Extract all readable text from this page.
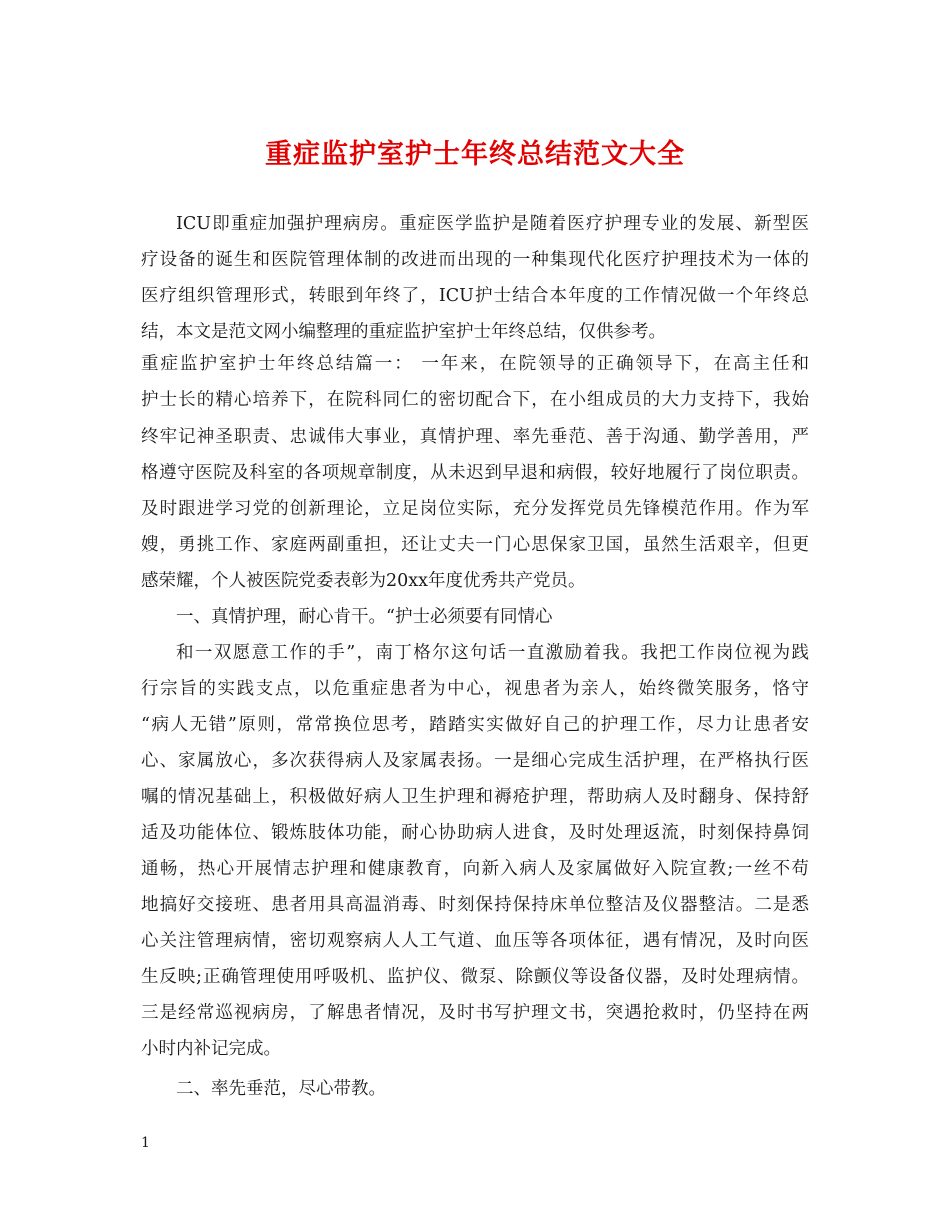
重症监护室护士年终总结范文大全

ICU即重症加强护理病房。重症医学监护是随着医疗护理专业的发展、新型医

疗设备的诞生和医院管理体制的改进而出现的一种集现代化医疗护理技术为一体的

医疗组织管理形式，转眼到年终了，ICU护士结合本年度的工作情况做一个年终总

结，本文是范文网小编整理的重症监护室护士年终总结，仅供参考。

重症监护室护士年终总结篇一： 一年来，在院领导的正确领导下，在高主任和

护士长的精心培养下，在院科同仁的密切配合下，在小组成员的大力支持下，我始

终牢记神圣职责、忠诚伟大事业，真情护理、率先垂范、善于沟通、勤学善用，严

格遵守医院及科室的各项规章制度，从未迟到早退和病假，较好地履行了岗位职责。

及时跟进学习党的创新理论，立足岗位实际，充分发挥党员先锋模范作用。作为军

嫂，勇挑工作、家庭两副重担，还让丈夫一门心思保家卫国，虽然生活艰辛，但更

感荣耀，个人被医院党委表彰为20xx年度优秀共产党员。

一、真情护理，耐心肯干。“护士必须要有同情心

和一双愿意工作的手”，南丁格尔这句话一直激励着我。我把工作岗位视为践

行宗旨的实践支点，以危重症患者为中心，视患者为亲人，始终微笑服务，恪守

“病人无错”原则，常常换位思考，踏踏实实做好自己的护理工作，尽力让患者安

心、家属放心，多次获得病人及家属表扬。一是细心完成生活护理，在严格执行医

嘱的情况基础上，积极做好病人卫生护理和褥疮护理，帮助病人及时翻身、保持舒

适及功能体位、锻炼肢体功能，耐心协助病人进食，及时处理返流，时刻保持鼻饲

通畅，热心开展情志护理和健康教育，向新入病人及家属做好入院宣教;一丝不苟

地搞好交接班、患者用具高温消毒、时刻保持保持床单位整洁及仪器整洁。二是悉

心关注管理病情，密切观察病人人工气道、血压等各项体征，遇有情况，及时向医

生反映;正确管理使用呼吸机、监护仪、微泵、除颤仪等设备仪器，及时处理病情。

三是经常巡视病房，了解患者情况，及时书写护理文书，突遇抢救时，仍坚持在两

小时内补记完成。

二、率先垂范，尽心带教。

1
